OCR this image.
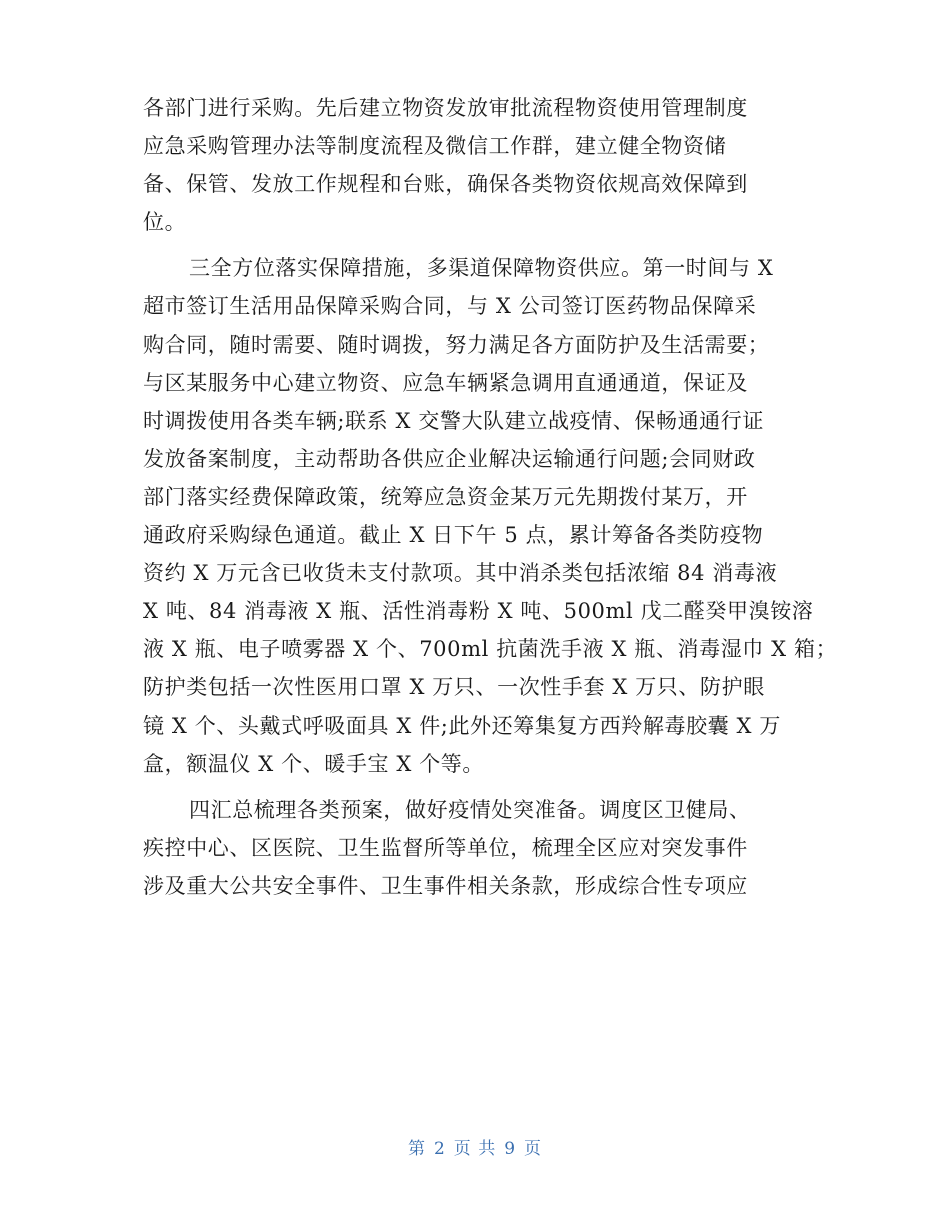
各部门进行采购。先后建立物资发放审批流程物资使用管理制度
应急采购管理办法等制度流程及微信工作群，建立健全物资储
备、保管、发放工作规程和台账，确保各类物资依规高效保障到
位。
三全方位落实保障措施，多渠道保障物资供应。第一时间与 X
超市签订生活用品保障采购合同，与 X 公司签订医药物品保障采
购合同，随时需要、随时调拨，努力满足各方面防护及生活需要；
与区某服务中心建立物资、应急车辆紧急调用直通通道，保证及
时调拨使用各类车辆;联系 X 交警大队建立战疫情、保畅通通行证
发放备案制度，主动帮助各供应企业解决运输通行问题;会同财政
部门落实经费保障政策，统筹应急资金某万元先期拨付某万，开
通政府采购绿色通道。截止 X 日下午 5 点，累计筹备各类防疫物
资约 X 万元含已收货未支付款项。其中消杀类包括浓缩 84 消毒液
X 吨、84 消毒液 X 瓶、活性消毒粉 X 吨、500ml 戊二醛癸甲溴铵溶
液 X 瓶、电子喷雾器 X 个、700ml 抗菌洗手液 X 瓶、消毒湿巾 X 箱；
防护类包括一次性医用口罩 X 万只、一次性手套 X 万只、防护眼
镜 X 个、头戴式呼吸面具 X 件;此外还筹集复方西羚解毒胶囊 X 万
盒，额温仪 X 个、暖手宝 X 个等。
四汇总梳理各类预案，做好疫情处突准备。调度区卫健局、
疾控中心、区医院、卫生监督所等单位，梳理全区应对突发事件
涉及重大公共安全事件、卫生事件相关条款，形成综合性专项应
第 2 页 共 9 页
